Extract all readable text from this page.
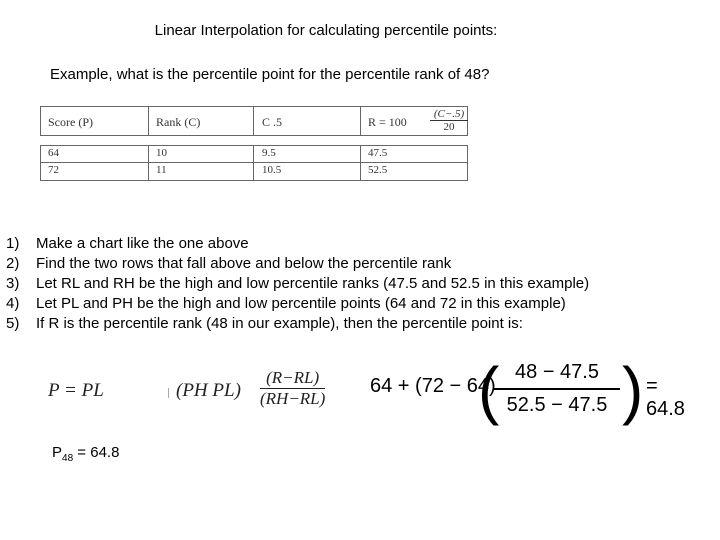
Linear Interpolation for calculating percentile points:
Example, what is the percentile point for the percentile rank of 48?
Score (P)	Rank (C)	C .5	$R = 100 \frac{(C-.5)}{20}$
64	10	9.5	47.5
72	11	10.5	52.5
1)	Make a chart like the one above
2)	Find the two rows that fall above and below the percentile rank
3)	Let RL and RH be the high and low percentile ranks (47.5 and 52.5 in this example)
4)	Let PL and PH be the high and low percentile points (64 and 72 in this example)
5)	If R is the percentile rank (48 in our example), then the percentile point is:
P = PL	(PH $PL) \frac{(R-RL)}{(RH-RL)} 64 + (72 - 64)$
(
$\frac{48 - 47.5}{52.5 - 47.5}$ ) = 64.8
$P_{48} = 64.8$
